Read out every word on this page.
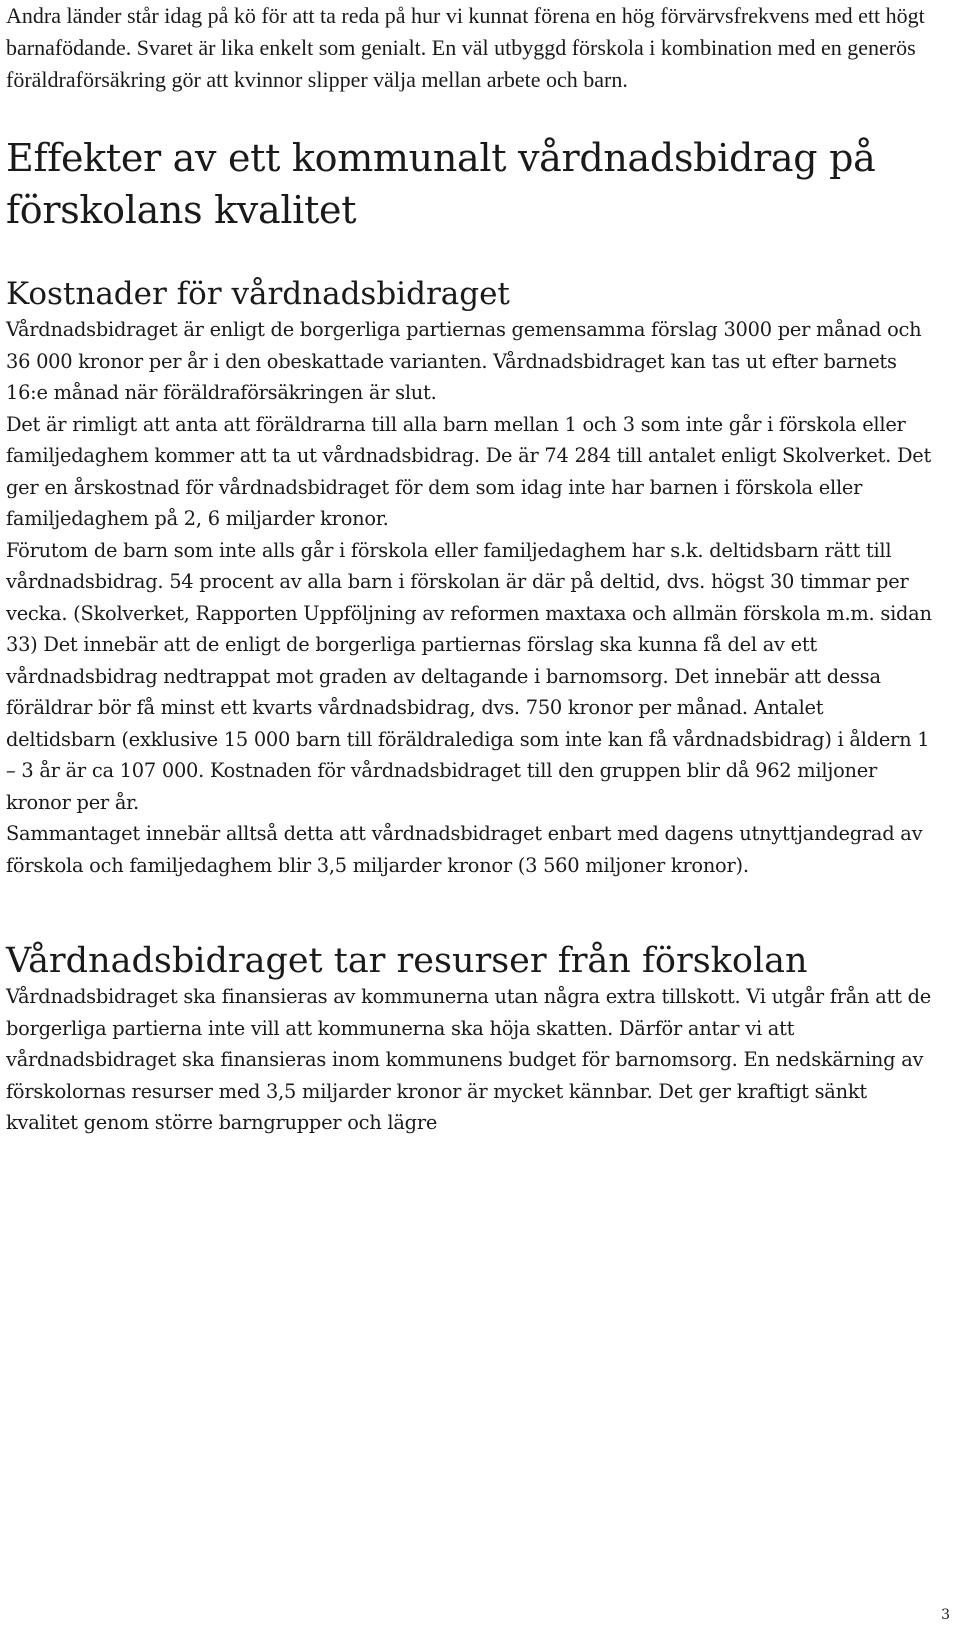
Andra länder står idag på kö för att ta reda på hur vi kunnat förena en hög förvärvsfrekvens med ett högt barnafödande. Svaret är lika enkelt som genialt. En väl utbyggd förskola i kombination med en generös föräldraförsäkring gör att kvinnor slipper välja mellan arbete och barn.

Effekter av ett kommunalt vårdnadsbidrag på förskolans kvalitet
Kostnader för vårdnadsbidraget

Vårdnadsbidraget är enligt de borgerliga partiernas gemensamma förslag 3000 per månad och 36 000 kronor per år i den obeskattade varianten. Vårdnadsbidraget kan tas ut efter barnets 16:e månad när föräldraförsäkringen är slut.

Det är rimligt att anta att föräldrarna till alla barn mellan 1 och 3 som inte går i förskola eller familjedaghem kommer att ta ut vårdnadsbidrag. De är 74 284 till antalet enligt Skolverket. Det ger en årskostnad för vårdnadsbidraget för dem som idag inte har barnen i förskola eller familjedaghem på 2, 6 miljarder kronor.

Förutom de barn som inte alls går i förskola eller familjedaghem har s.k. deltidsbarn rätt till vårdnadsbidrag. 54 procent av alla barn i förskolan är där på deltid, dvs. högst 30 timmar per vecka. (Skolverket, Rapporten Uppföljning av reformen maxtaxa och allmän förskola m.m. sidan 33) Det innebär att de enligt de borgerliga partiernas förslag ska kunna få del av ett vårdnadsbidrag nedtrappat mot graden av deltagande i barnomsorg. Det innebär att dessa föräldrar bör få minst ett kvarts vårdnadsbidrag, dvs. 750 kronor per månad. Antalet deltidsbarn (exklusive 15 000 barn till föräldralediga som inte kan få vårdnadsbidrag) i åldern 1 – 3 år är ca 107 000. Kostnaden för vårdnadsbidraget till den gruppen blir då 962 miljoner kronor per år.

Sammantaget innebär alltså detta att vårdnadsbidraget enbart med dagens utnyttjandegrad av förskola och familjedaghem blir 3,5 miljarder kronor (3 560 miljoner kronor).

Vårdnadsbidraget tar resurser från förskolan

Vårdnadsbidraget ska finansieras av kommunerna utan några extra tillskott. Vi utgår från att de borgerliga partierna inte vill att kommunerna ska höja skatten. Därför antar vi att vårdnadsbidraget ska finansieras inom kommunens budget för barnomsorg. En nedskärning av förskolornas resurser med 3,5 miljarder kronor är mycket kännbar. Det ger kraftigt sänkt kvalitet genom större barngrupper och lägre

3
